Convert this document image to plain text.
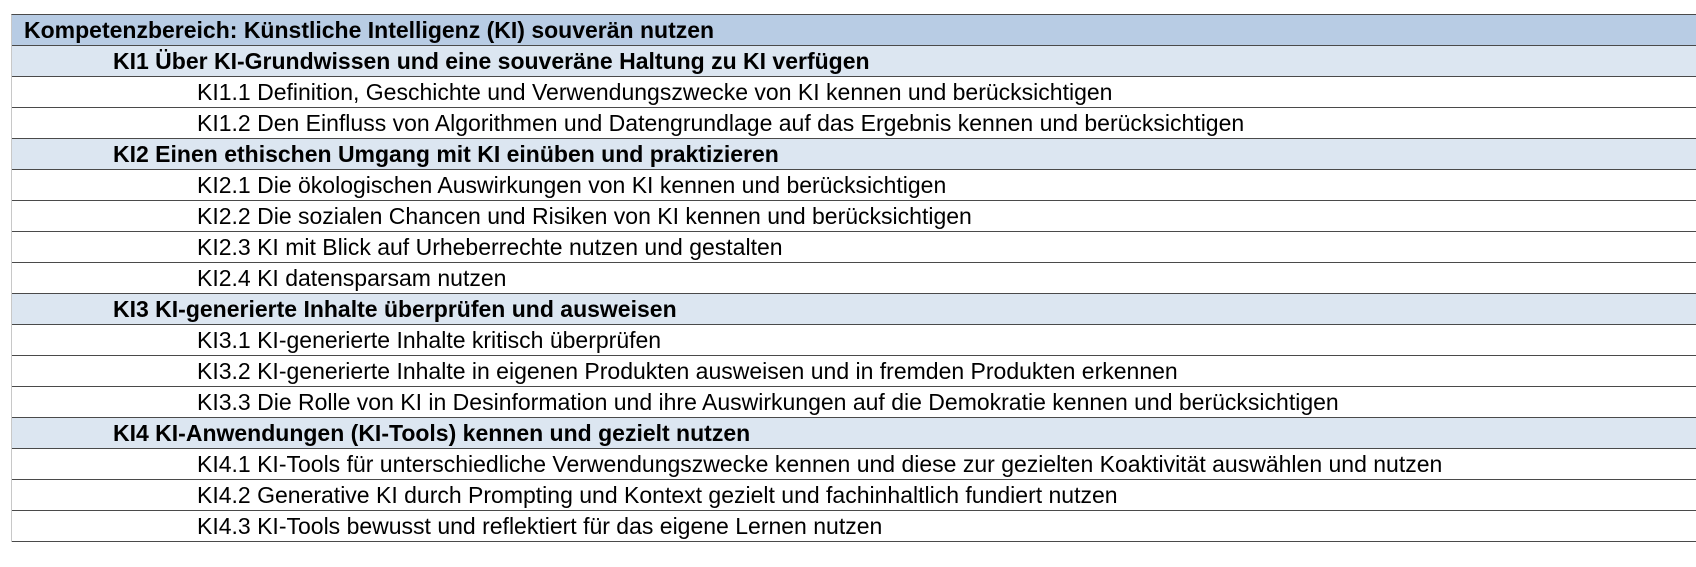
Kompetenzbereich: Künstliche Intelligenz (KI) souverän nutzen
KI1 Über KI-Grundwissen und eine souveräne Haltung zu KI verfügen
KI1.1 Definition, Geschichte und Verwendungszwecke von KI kennen und berücksichtigen
KI1.2 Den Einfluss von Algorithmen und Datengrundlage auf das Ergebnis kennen und berücksichtigen
KI2 Einen ethischen Umgang mit KI einüben und praktizieren
KI2.1 Die ökologischen Auswirkungen von KI kennen und berücksichtigen
KI2.2 Die sozialen Chancen und Risiken von KI kennen und berücksichtigen
KI2.3 KI mit Blick auf Urheberrechte nutzen und gestalten
KI2.4 KI datensparsam nutzen
KI3 KI-generierte Inhalte überprüfen und ausweisen
KI3.1 KI-generierte Inhalte kritisch überprüfen
KI3.2 KI-generierte Inhalte in eigenen Produkten ausweisen und in fremden Produkten erkennen
KI3.3 Die Rolle von KI in Desinformation und ihre Auswirkungen auf die Demokratie kennen und berücksichtigen
KI4 KI-Anwendungen (KI-Tools) kennen und gezielt nutzen
KI4.1 KI-Tools für unterschiedliche Verwendungszwecke kennen und diese zur gezielten Koaktivität auswählen und nutzen
KI4.2 Generative KI durch Prompting und Kontext gezielt und fachinhaltlich fundiert nutzen
KI4.3 KI-Tools bewusst und reflektiert für das eigene Lernen nutzen
